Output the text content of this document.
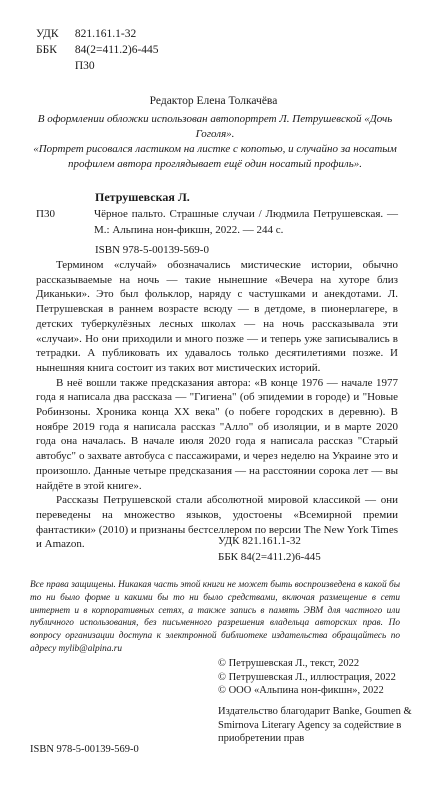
УДК 821.161.1-32
ББК 84(2=411.2)6-445
П30
Редактор Елена Толкачёва
В оформлении обложки использован автопортрет Л. Петрушевской «Дочь Гоголя».
«Портрет рисовался ластиком на листке с копотью, и случайно за носатым профилем автора проглядывает ещё один носатый профиль».
Петрушевская Л.
П30	Чёрное пальто. Страшные случаи / Людмила Петрушевская. — М.: Альпина нон-фикшн, 2022. — 244 с.
ISBN 978-5-00139-569-0

Термином «случай» обозначались мистические истории, обычно рассказываемые на ночь — такие нынешние «Вечера на хуторе близ Диканьки». Это был фольклор, наряду с частушками и анекдотами. Л. Петрушевская в раннем возрасте всюду — в детдоме, в пионерлагере, в детских туберкулёзных лесных школах — на ночь рассказывала эти «случаи». Но они приходили и много позже — и теперь уже записывались в тетрадки. А публиковать их удавалось только десятилетиями позже. И нынешняя книга состоит из таких вот мистических историй.

В неё вошли также предсказания автора: «В конце 1976 — начале 1977 года я написала два рассказа — "Гигиена" (об эпидемии в городе) и "Новые Робинзоны. Хроника конца XX века" (о побеге городских в деревню). В ноябре 2019 года я написала рассказ "Алло" об изоляции, и в марте 2020 года она началась. В начале июля 2020 года я написала рассказ "Старый автобус" о захвате автобуса с пассажирами, и через неделю на Украине это и произошло. Данные четыре предсказания — на расстоянии сорока лет — вы найдёте в этой книге».

Рассказы Петрушевской стали абсолютной мировой классикой — они переведены на множество языков, удостоены «Всемирной премии фантастики» (2010) и признаны бестселлером по версии The New York Times и Amazon.	УДК 821.161.1-32
ББК 84(2=411.2)6-445
Все права защищены. Никакая часть этой книги не может быть воспроизведена в какой бы то ни было форме и какими бы то ни было средствами, включая размещение в сети интернет и в корпоративных сетях, а также запись в память ЭВМ для частного или публичного использования, без письменного разрешения владельца авторских прав. По вопросу организации доступа к электронной библиотеке издательства обращайтесь по адресу mylib@alpina.ru
© Петрушевская Л., текст, 2022
© Петрушевская Л., иллюстрация, 2022
© ООО «Альпина нон-фикшн», 2022
Издательство благодарит Banke, Goumen & Smirnova Literary Agency за содействие в приобретении прав
ISBN 978-5-00139-569-0
